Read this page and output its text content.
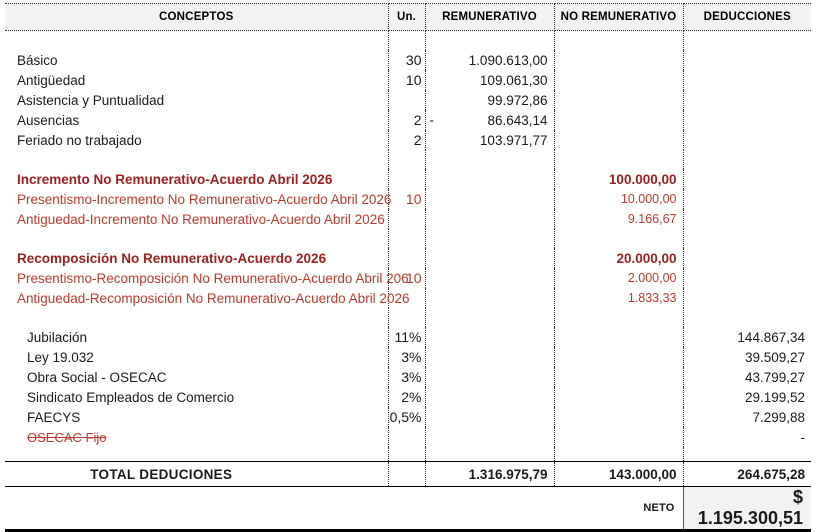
CONCEPTOS	Un.	REMUNERATIVO	NO REMUNERATIVO	DEDUCCIONES

Básico	30	1.090.613,00		
Antigüedad	10	109.061,30		
Asistencia y Puntualidad		99.972,86		
Ausencias	2	- 86.643,14		
Feriado no trabajado	2	103.971,77		

Incremento No Remunerativo-Acuerdo Abril 2026			100.000,00	
Presentismo-Incremento No Remunerativo-Acuerdo Abril 2026	10		10.000,00	
Antiguedad-Incremento No Remunerativo-Acuerdo Abril 2026			9.166,67	

Recomposición No Remunerativo-Acuerdo 2026			20.000,00	
Presentismo-Recomposición No Remunerativo-Acuerdo Abril 206	10		2.000,00	
Antiguedad-Recomposición No Remunerativo-Acuerdo Abril 2026			1.833,33	

Jubilación	11%			144.867,34
Ley 19.032	3%			39.509,27
Obra Social - OSECAC	3%			43.799,27
Sindicato Empleados de Comercio	2%			29.199,52
FAECYS	0,5%			7.299,88
OSECAC Fijo				-

TOTAL DEDUCIONES		1.316.975,79	143.000,00	264.675,28
			NETO	$ 1.195.300,51
